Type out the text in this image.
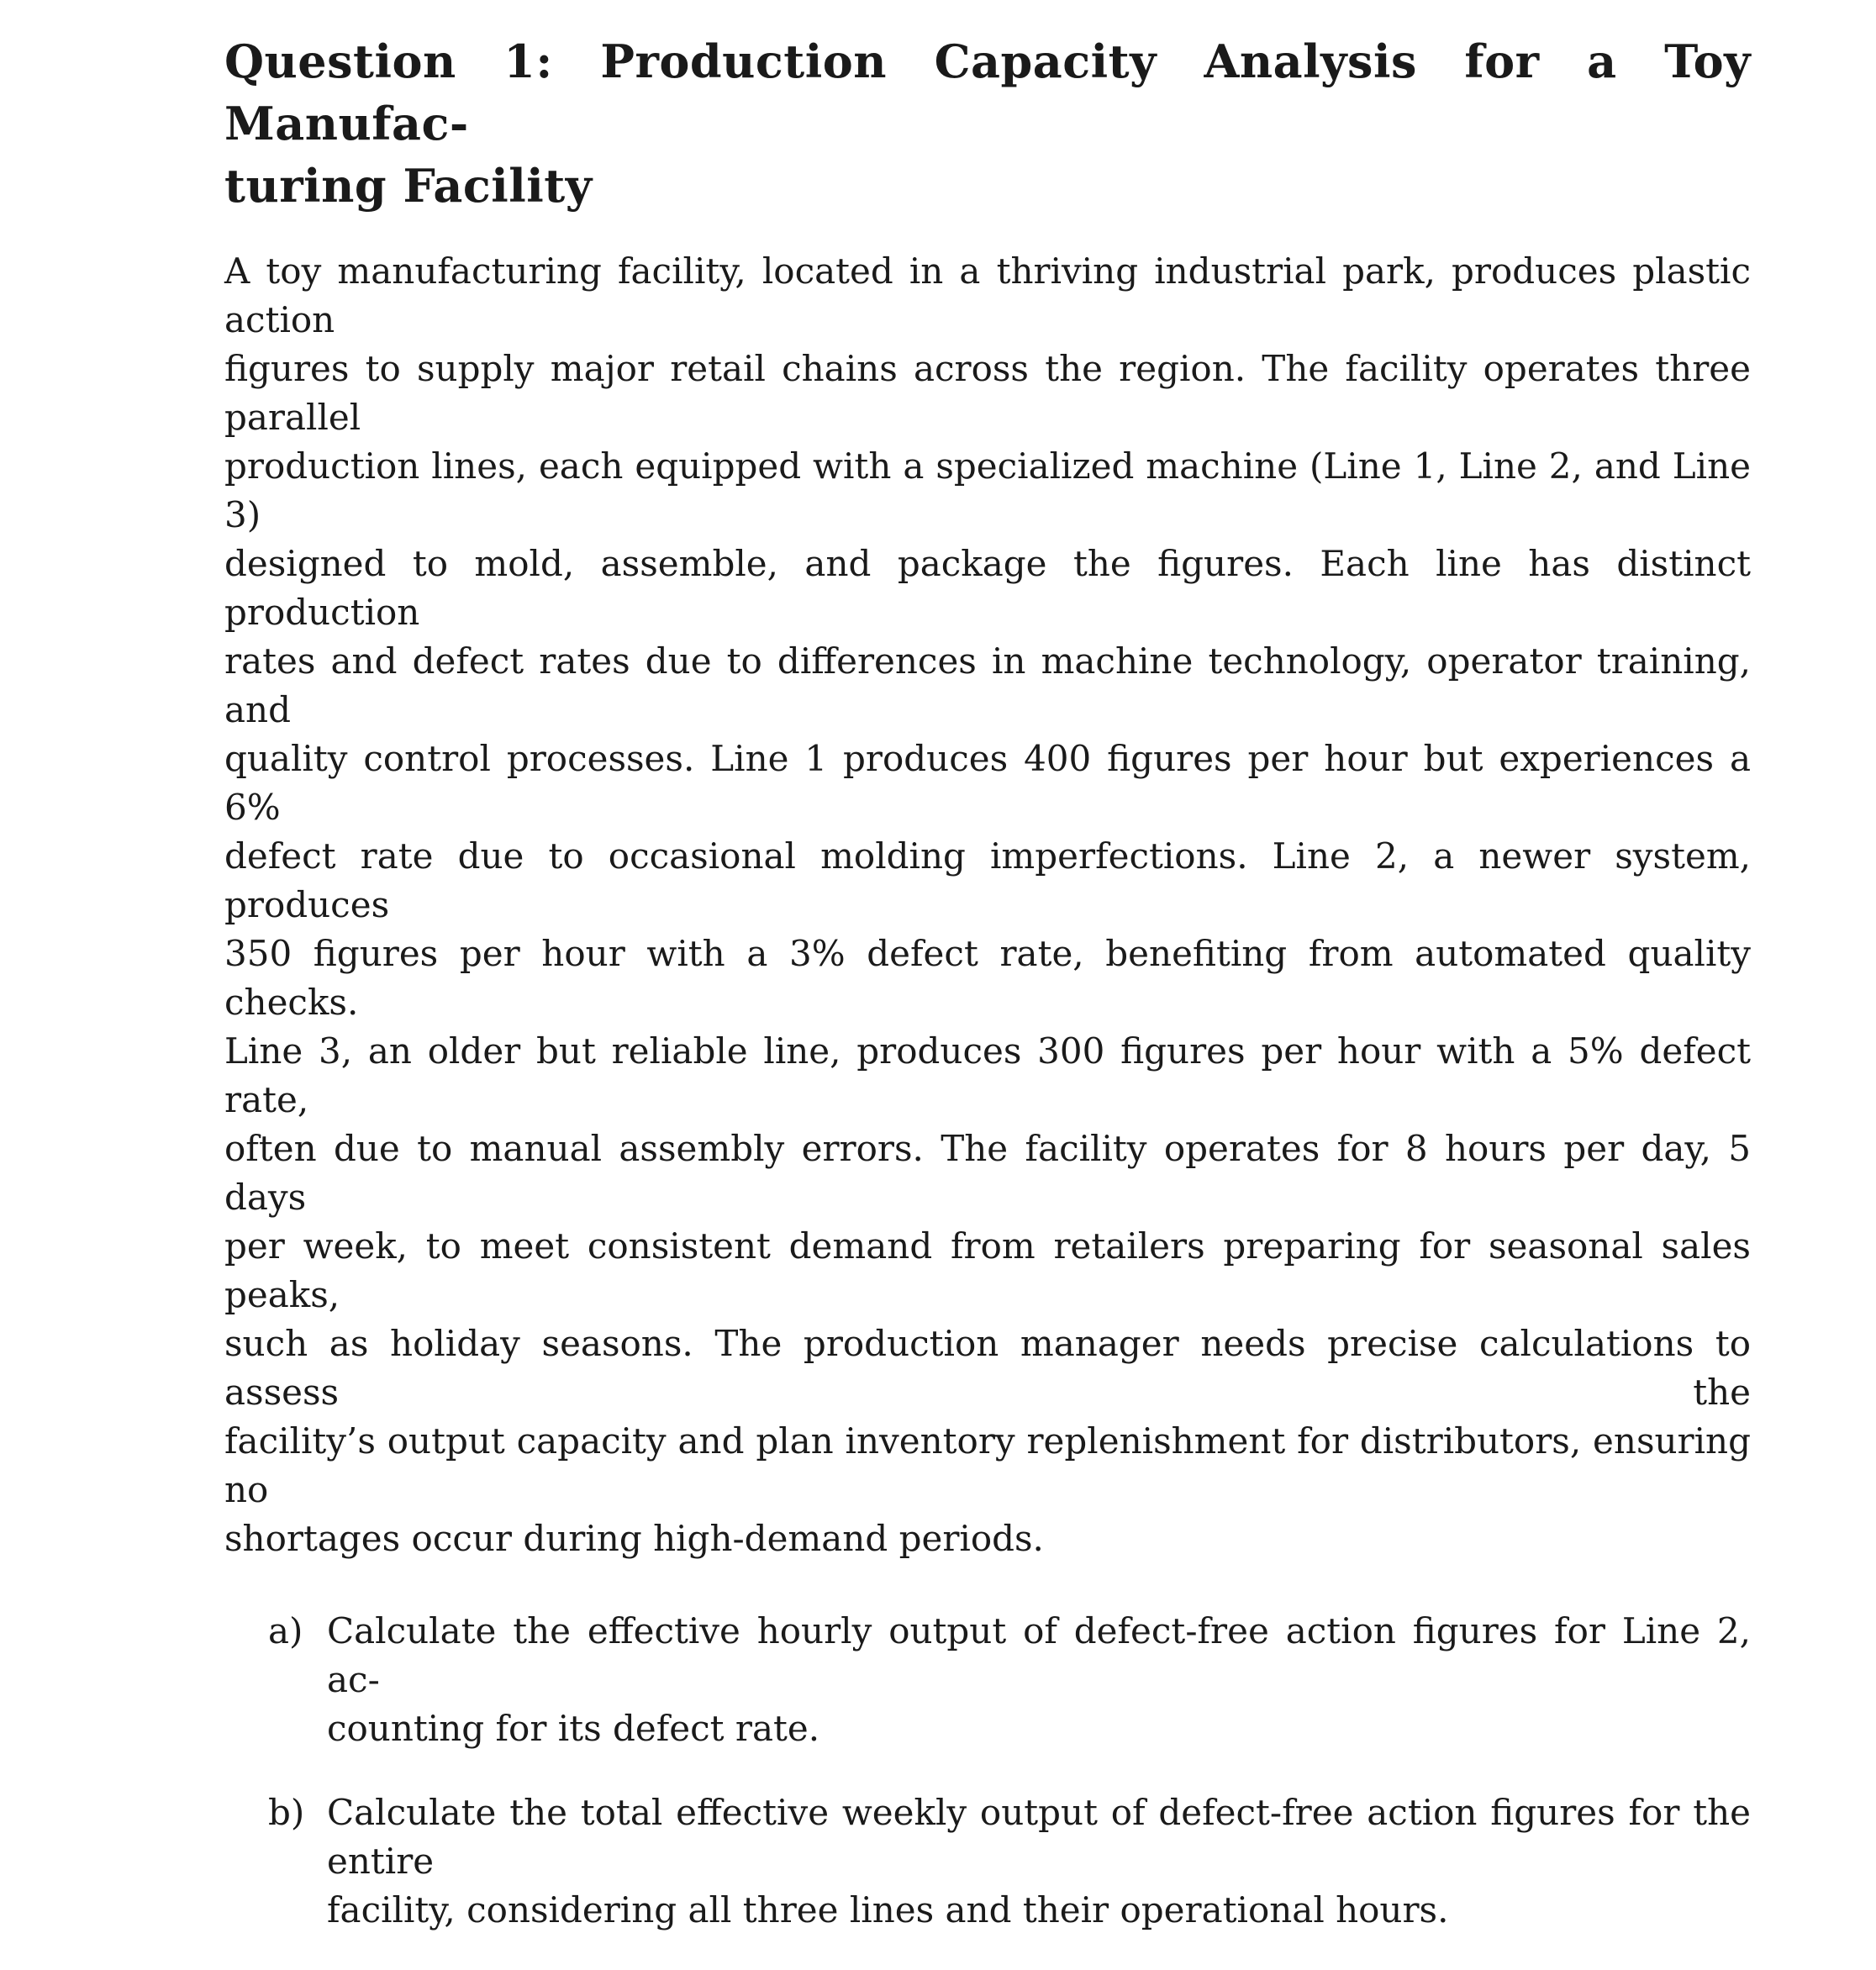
Question 1: Production Capacity Analysis for a Toy Manufac-
turing Facility
A toy manufacturing facility, located in a thriving industrial park, produces plastic action
figures to supply major retail chains across the region. The facility operates three parallel
production lines, each equipped with a specialized machine (Line 1, Line 2, and Line 3)
designed to mold, assemble, and package the figures. Each line has distinct production
rates and defect rates due to differences in machine technology, operator training, and
quality control processes. Line 1 produces 400 figures per hour but experiences a 6%
defect rate due to occasional molding imperfections. Line 2, a newer system, produces
350 figures per hour with a 3% defect rate, benefiting from automated quality checks.
Line 3, an older but reliable line, produces 300 figures per hour with a 5% defect rate,
often due to manual assembly errors. The facility operates for 8 hours per day, 5 days
per week, to meet consistent demand from retailers preparing for seasonal sales peaks,
such as holiday seasons. The production manager needs precise calculations to assess the
facility’s output capacity and plan inventory replenishment for distributors, ensuring no
shortages occur during high-demand periods.
a) Calculate the effective hourly output of defect-free action figures for Line 2, ac-
counting for its defect rate.
b) Calculate the total effective weekly output of defect-free action figures for the entire
facility, considering all three lines and their operational hours.
